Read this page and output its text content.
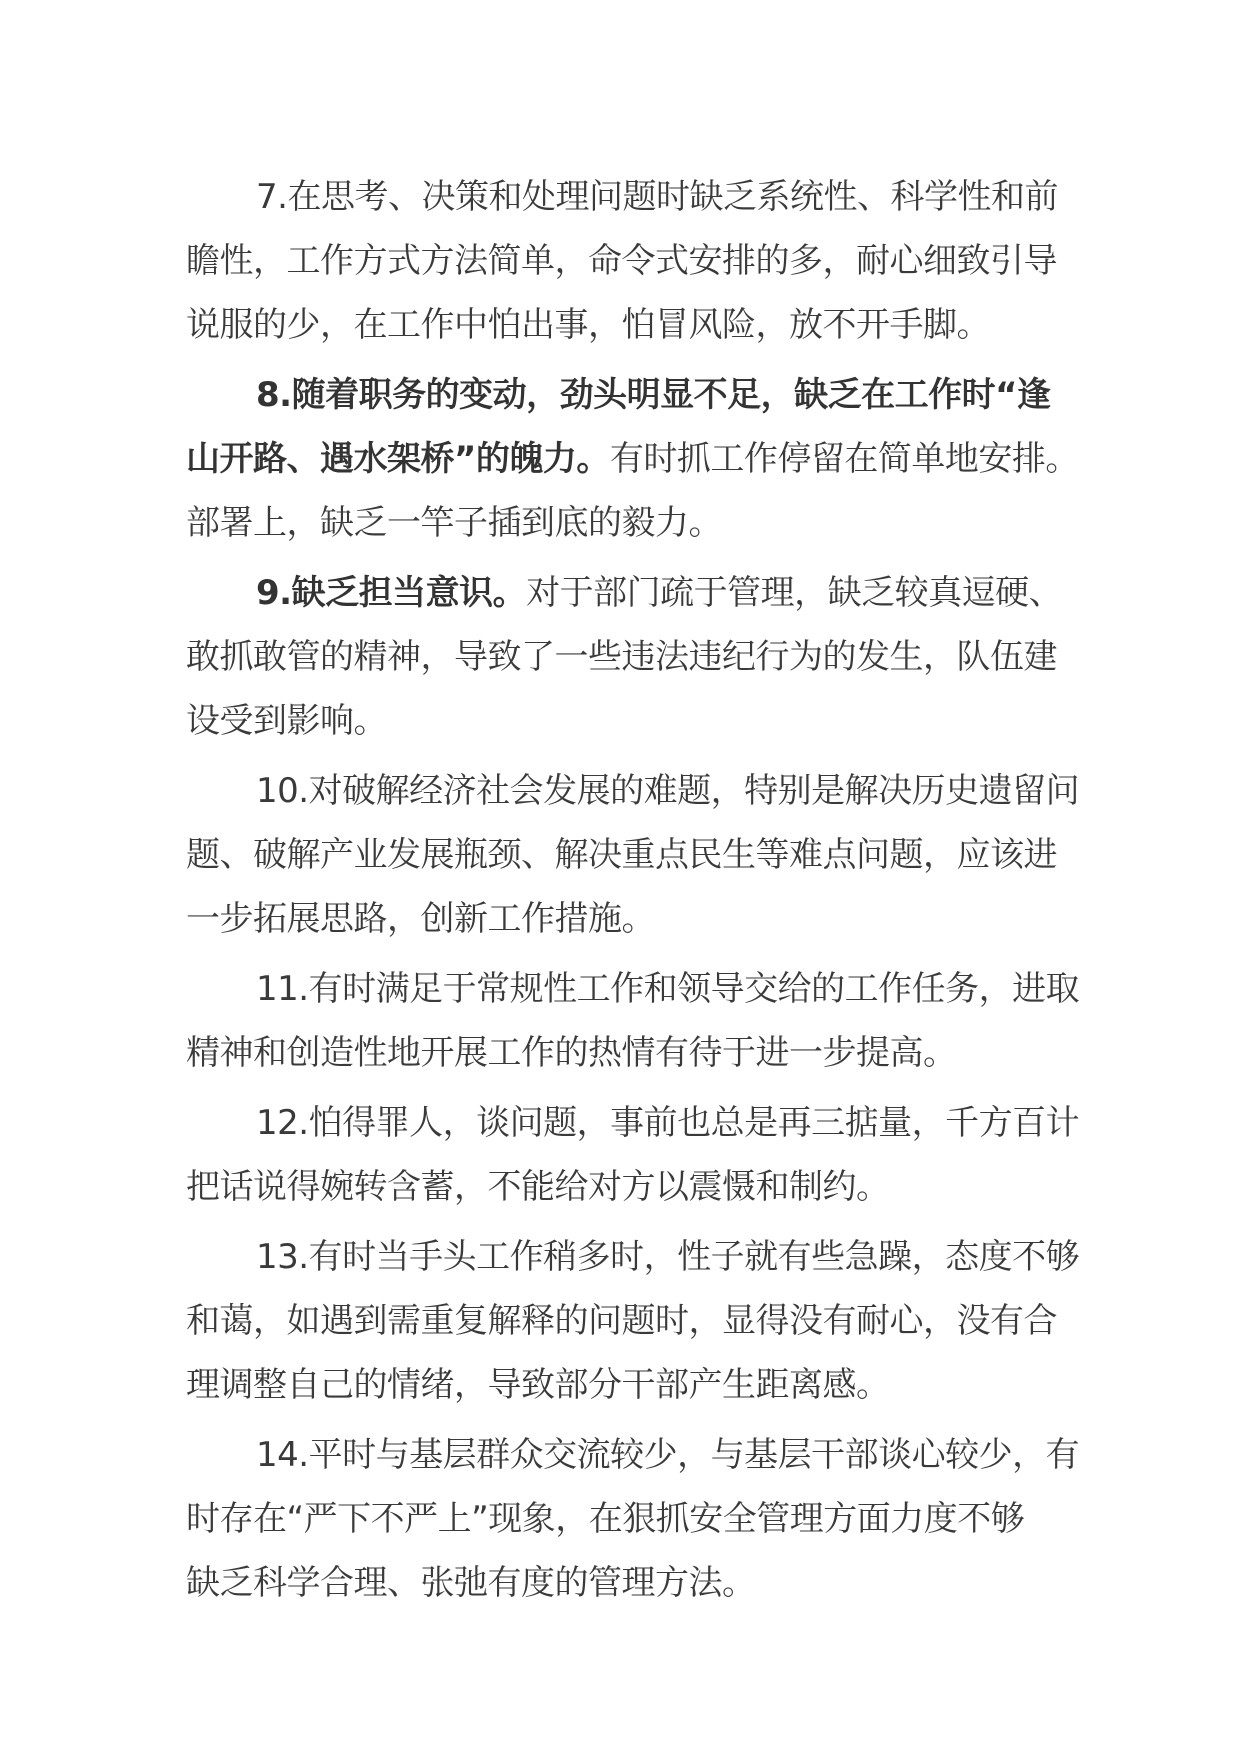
7.在思考、决策和处理问题时缺乏系统性、科学性和前
瞻性，工作方式方法简单，命令式安排的多，耐心细致引导
说服的少，在工作中怕出事，怕冒风险，放不开手脚。
8.随着职务的变动，劲头明显不足，缺乏在工作时“逢
山开路、遇水架桥”的魄力。有时抓工作停留在简单地安排。
部署上，缺乏一竿子插到底的毅力。
9.缺乏担当意识。对于部门疏于管理，缺乏较真逗硬、
敢抓敢管的精神，导致了一些违法违纪行为的发生，队伍建
设受到影响。
10.对破解经济社会发展的难题，特别是解决历史遗留问
题、破解产业发展瓶颈、解决重点民生等难点问题，应该进
一步拓展思路，创新工作措施。
11.有时满足于常规性工作和领导交给的工作任务，进取
精神和创造性地开展工作的热情有待于进一步提高。
12.怕得罪人，谈问题，事前也总是再三掂量，千方百计
把话说得婉转含蓄，不能给对方以震慑和制约。
13.有时当手头工作稍多时，性子就有些急躁，态度不够
和蔼，如遇到需重复解释的问题时，显得没有耐心，没有合
理调整自己的情绪，导致部分干部产生距离感。
14.平时与基层群众交流较少，与基层干部谈心较少，有
时存在“严下不严上”现象，在狠抓安全管理方面力度不够
缺乏科学合理、张弛有度的管理方法。
